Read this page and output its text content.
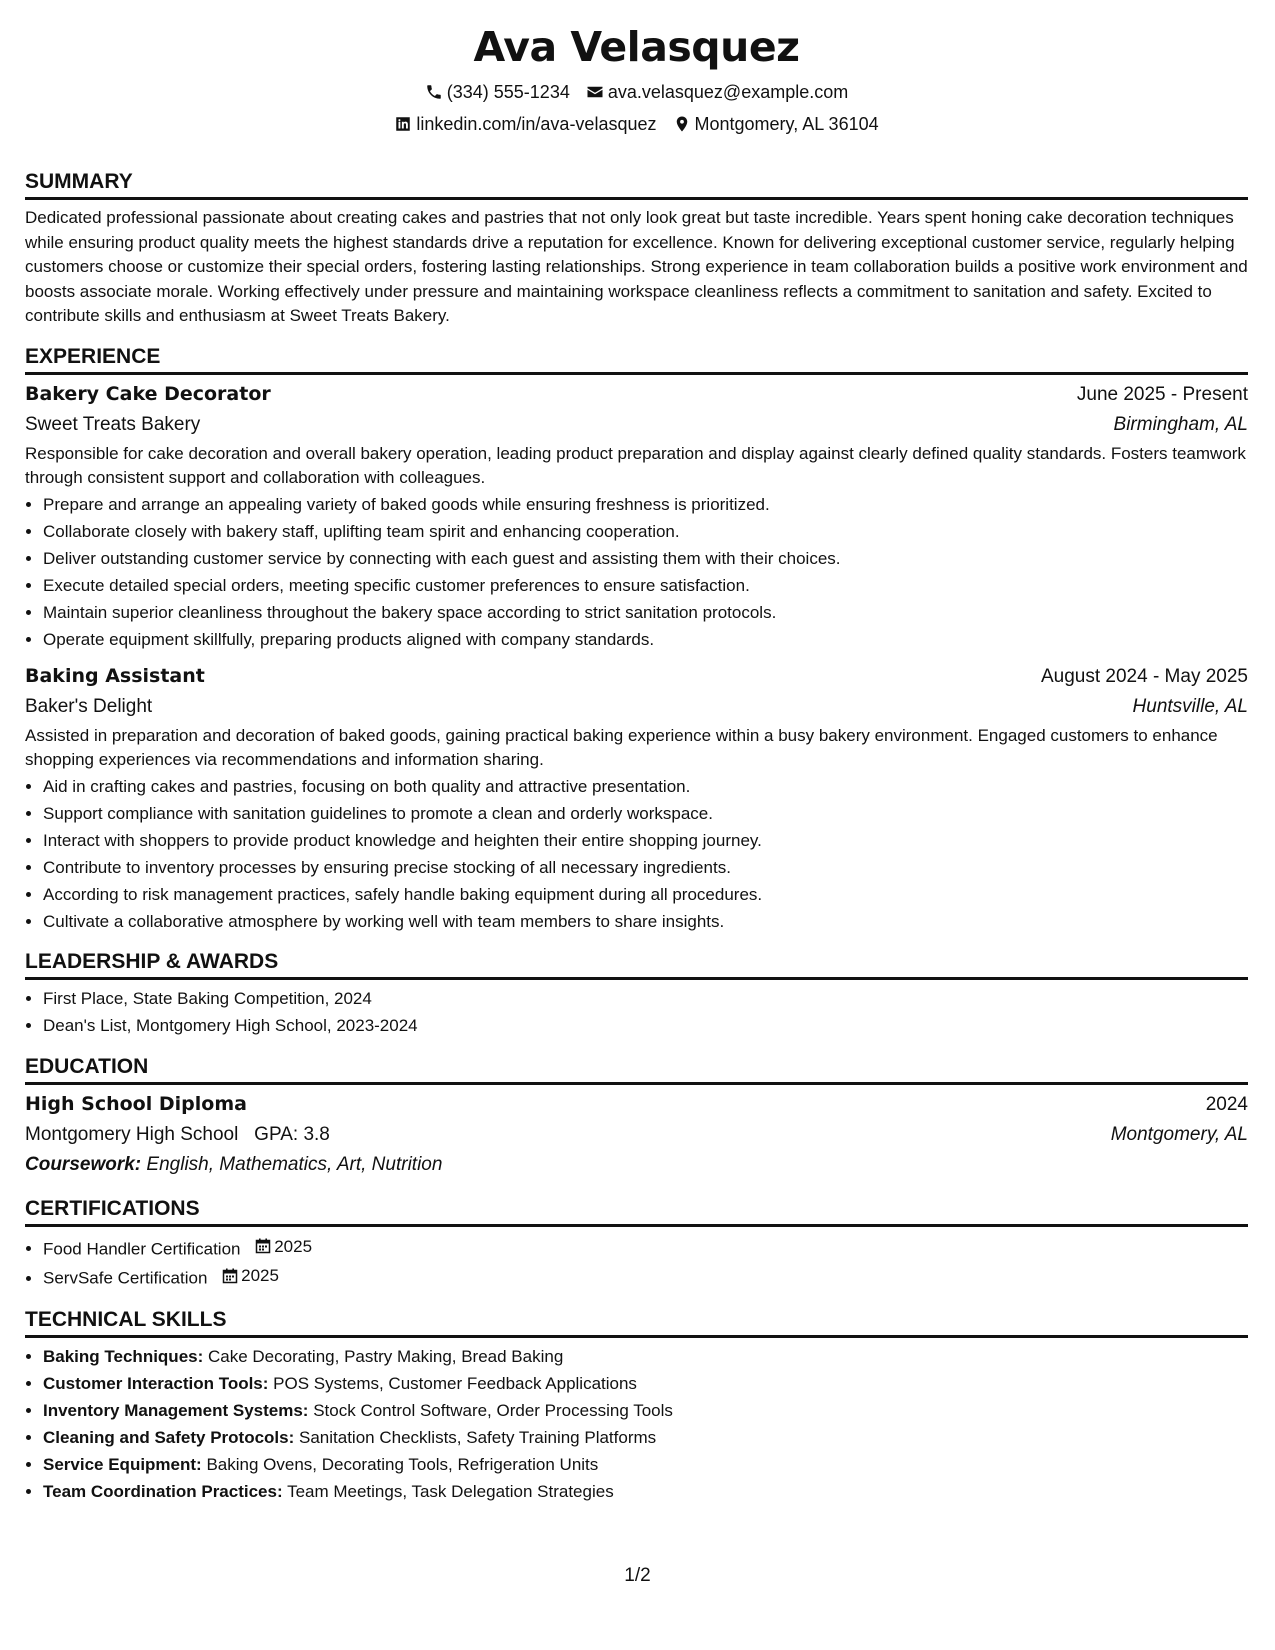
Ava Velasquez
(334) 555-1234 ava.velasquez@example.com
linkedin.com/in/ava-velasquez Montgomery, AL 36104
SUMMARY

Dedicated professional passionate about creating cakes and pastries that not only look great but taste incredible. Years spent honing cake decoration techniques while ensuring product quality meets the highest standards drive a reputation for excellence. Known for delivering exceptional customer service, regularly helping customers choose or customize their special orders, fostering lasting relationships. Strong experience in team collaboration builds a positive work environment and boosts associate morale. Working effectively under pressure and maintaining workspace cleanliness reflects a commitment to sanitation and safety. Excited to contribute skills and enthusiasm at Sweet Treats Bakery.

EXPERIENCE
Bakery Cake Decorator	June 2025 - Present
Sweet Treats Bakery	Birmingham, AL

Responsible for cake decoration and overall bakery operation, leading product preparation and display against clearly defined quality standards. Fosters teamwork through consistent support and collaboration with colleagues.

• Prepare and arrange an appealing variety of baked goods while ensuring freshness is prioritized.
• Collaborate closely with bakery staff, uplifting team spirit and enhancing cooperation.
• Deliver outstanding customer service by connecting with each guest and assisting them with their choices.
• Execute detailed special orders, meeting specific customer preferences to ensure satisfaction.
• Maintain superior cleanliness throughout the bakery space according to strict sanitation protocols.
• Operate equipment skillfully, preparing products aligned with company standards.
Baking Assistant	August 2024 - May 2025
Baker's Delight	Huntsville, AL

Assisted in preparation and decoration of baked goods, gaining practical baking experience within a busy bakery environment. Engaged customers to enhance shopping experiences via recommendations and information sharing.

• Aid in crafting cakes and pastries, focusing on both quality and attractive presentation.
• Support compliance with sanitation guidelines to promote a clean and orderly workspace.
• Interact with shoppers to provide product knowledge and heighten their entire shopping journey.
• Contribute to inventory processes by ensuring precise stocking of all necessary ingredients.
• According to risk management practices, safely handle baking equipment during all procedures.
• Cultivate a collaborative atmosphere by working well with team members to share insights.
LEADERSHIP & AWARDS
• First Place, State Baking Competition, 2024
• Dean's List, Montgomery High School, 2023-2024
EDUCATION
High School Diploma	2024
Montgomery High School GPA: 3.8	Montgomery, AL
Coursework: English, Mathematics, Art, Nutrition
CERTIFICATIONS
• Food Handler Certification 2025
• ServSafe Certification 2025
TECHNICAL SKILLS
• Baking Techniques: Cake Decorating, Pastry Making, Bread Baking
• Customer Interaction Tools: POS Systems, Customer Feedback Applications
• Inventory Management Systems: Stock Control Software, Order Processing Tools
• Cleaning and Safety Protocols: Sanitation Checklists, Safety Training Platforms
• Service Equipment: Baking Ovens, Decorating Tools, Refrigeration Units
• Team Coordination Practices: Team Meetings, Task Delegation Strategies
1/2
